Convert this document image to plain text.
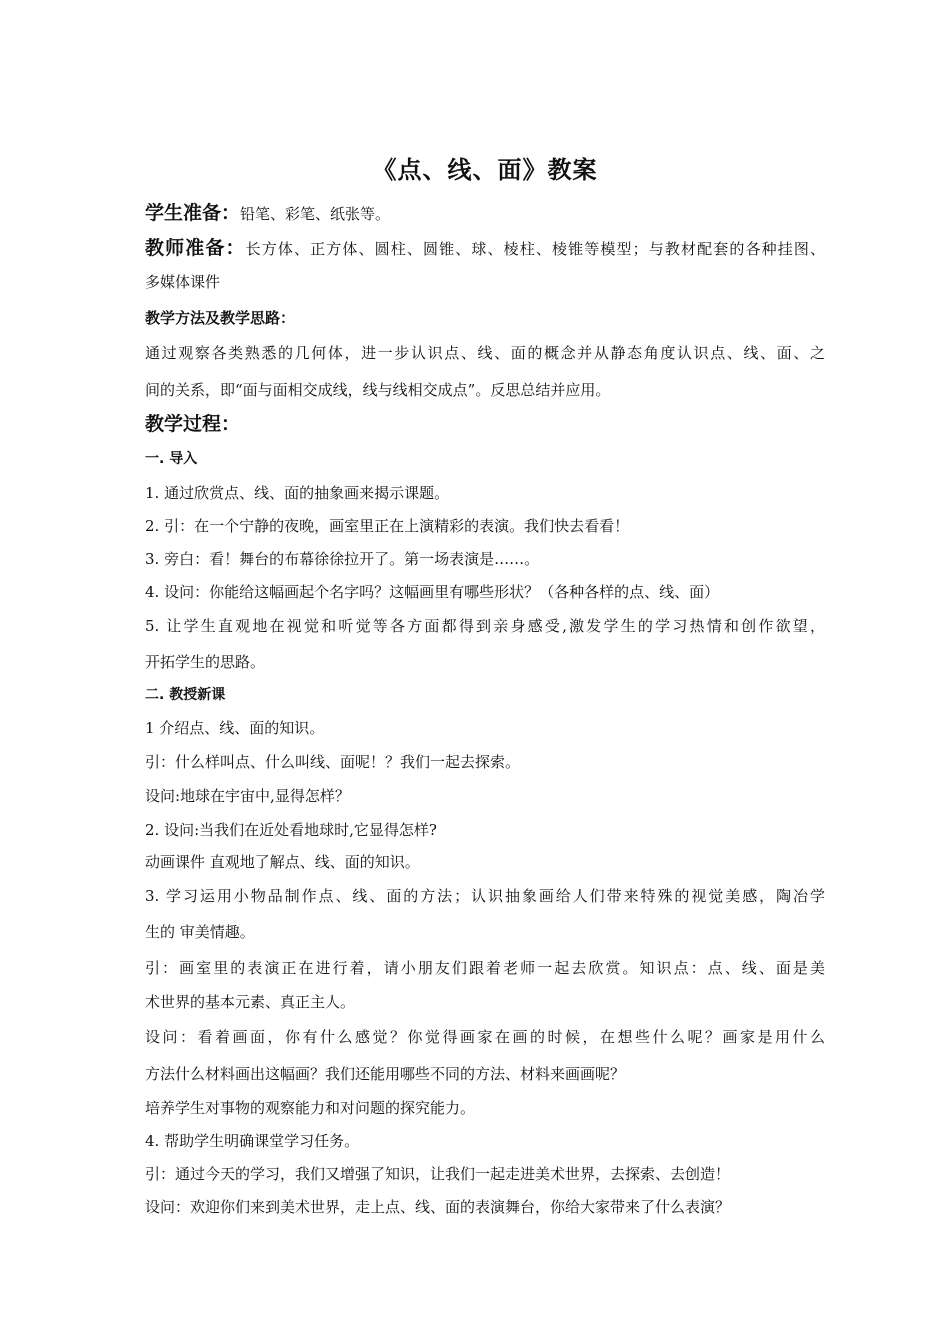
《点、线、面》教案
学生准备：铅笔、彩笔、纸张等。
教师准备：长方体、正方体、圆柱、圆锥、球、棱柱、棱锥等模型；与教材配套的各种挂图、
多媒体课件
教学方法及教学思路：
通过观察各类熟悉的几何体，进一步认识点、线、面的概念并从静态角度认识点、线、面、之
间的关系，即“面与面相交成线，线与线相交成点”。反思总结并应用。
教学过程：
一. 导入
1. 通过欣赏点、线、面的抽象画来揭示课题。
2. 引：在一个宁静的夜晚，画室里正在上演精彩的表演。我们快去看看！
3. 旁白：看！舞台的布幕徐徐拉开了。第一场表演是……。
4. 设问：你能给这幅画起个名字吗？这幅画里有哪些形状？（各种各样的点、线、面）
5. 让学生直观地在视觉和听觉等各方面都得到亲身感受,激发学生的学习热情和创作欲望，
开拓学生的思路。
二. 教授新课
1 介绍点、线、面的知识。
引：什么样叫点、什么叫线、面呢！？我们一起去探索。
设问:地球在宇宙中,显得怎样？
2. 设问:当我们在近处看地球时,它显得怎样?
动画课件 直观地了解点、线、面的知识。
3. 学习运用小物品制作点、线、面的方法；认识抽象画给人们带来特殊的视觉美感，陶冶学
生的 审美情趣。
引：画室里的表演正在进行着，请小朋友们跟着老师一起去欣赏。知识点：点、线、面是美
术世界的基本元素、真正主人。
设问：看着画面，你有什么感觉？你觉得画家在画的时候，在想些什么呢？画家是用什么
方法什么材料画出这幅画？我们还能用哪些不同的方法、材料来画画呢？
培养学生对事物的观察能力和对问题的探究能力。
4. 帮助学生明确课堂学习任务。
引：通过今天的学习，我们又增强了知识，让我们一起走进美术世界，去探索、去创造！
设问：欢迎你们来到美术世界，走上点、线、面的表演舞台，你给大家带来了什么表演？
